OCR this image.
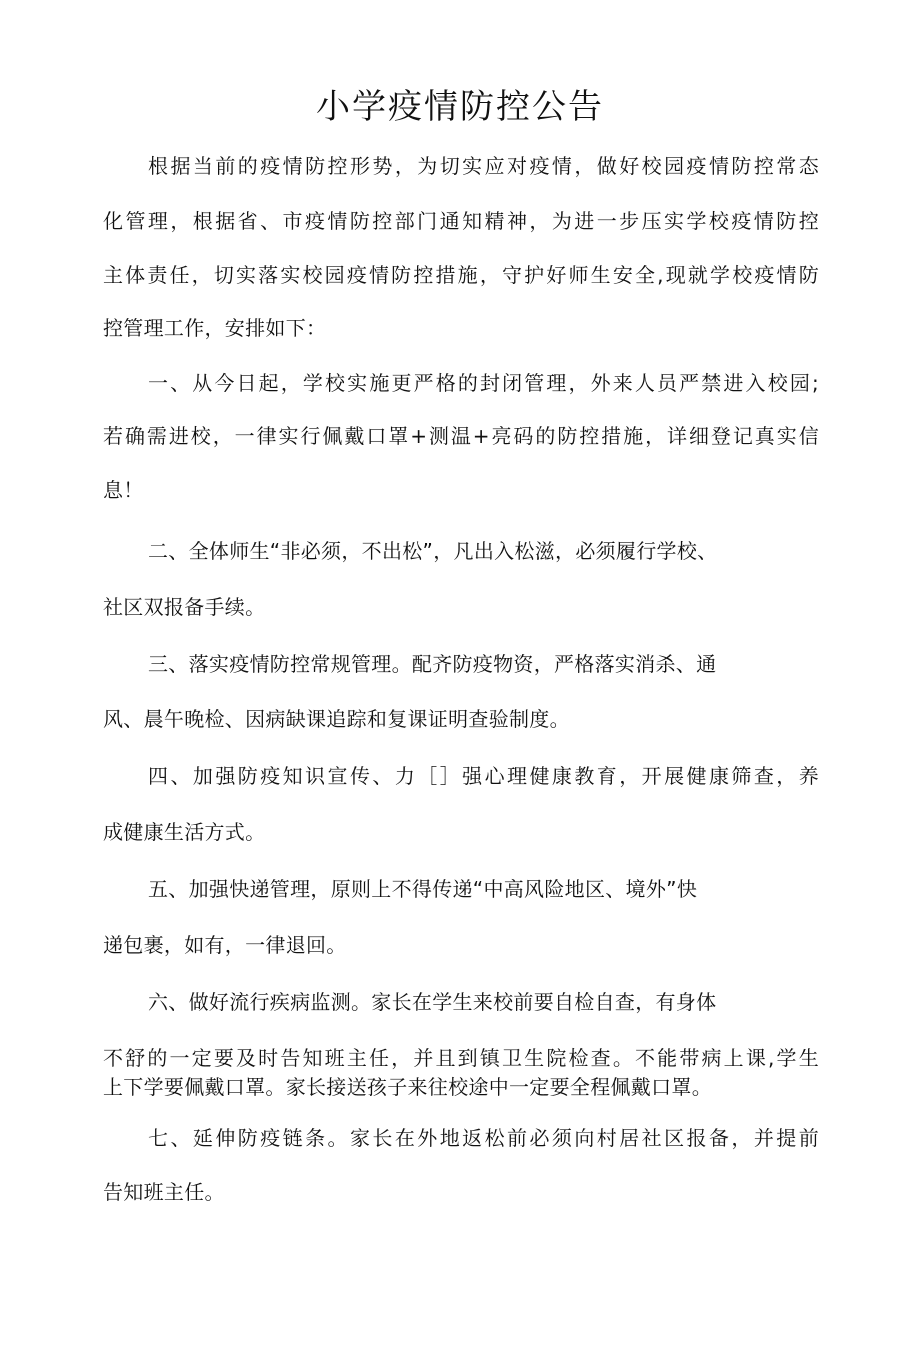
小学疫情防控公告

根据当前的疫情防控形势，为切实应对疫情，做好校园疫情防控常态

化管理，根据省、市疫情防控部门通知精神，为进一步压实学校疫情防控

主体责任，切实落实校园疫情防控措施，守护好师生安全,现就学校疫情防

控管理工作，安排如下：

一、从今日起，学校实施更严格的封闭管理，外来人员严禁进入校园;

若确需进校，一律实行佩戴口罩+测温+亮码的防控措施，详细登记真实信

息！

二、全体师生“非必须，不出松”，凡出入松滋，必须履行学校、

社区双报备手续。

三、落实疫情防控常规管理。配齐防疫物资，严格落实消杀、通

风、晨午晚检、因病缺课追踪和复课证明查验制度。

四、加强防疫知识宣传、力［］强心理健康教育，开展健康筛查，养

成健康生活方式。

五、加强快递管理，原则上不得传递“中高风险地区、境外”快

递包裹，如有，一律退回。

六、做好流行疾病监测。家长在学生来校前要自检自查，有身体

不舒的一定要及时告知班主任，并且到镇卫生院检查。不能带病上课,学生

上下学要佩戴口罩。家长接送孩子来往校途中一定要全程佩戴口罩。

七、延伸防疫链条。家长在外地返松前必须向村居社区报备，并提前

告知班主任。
